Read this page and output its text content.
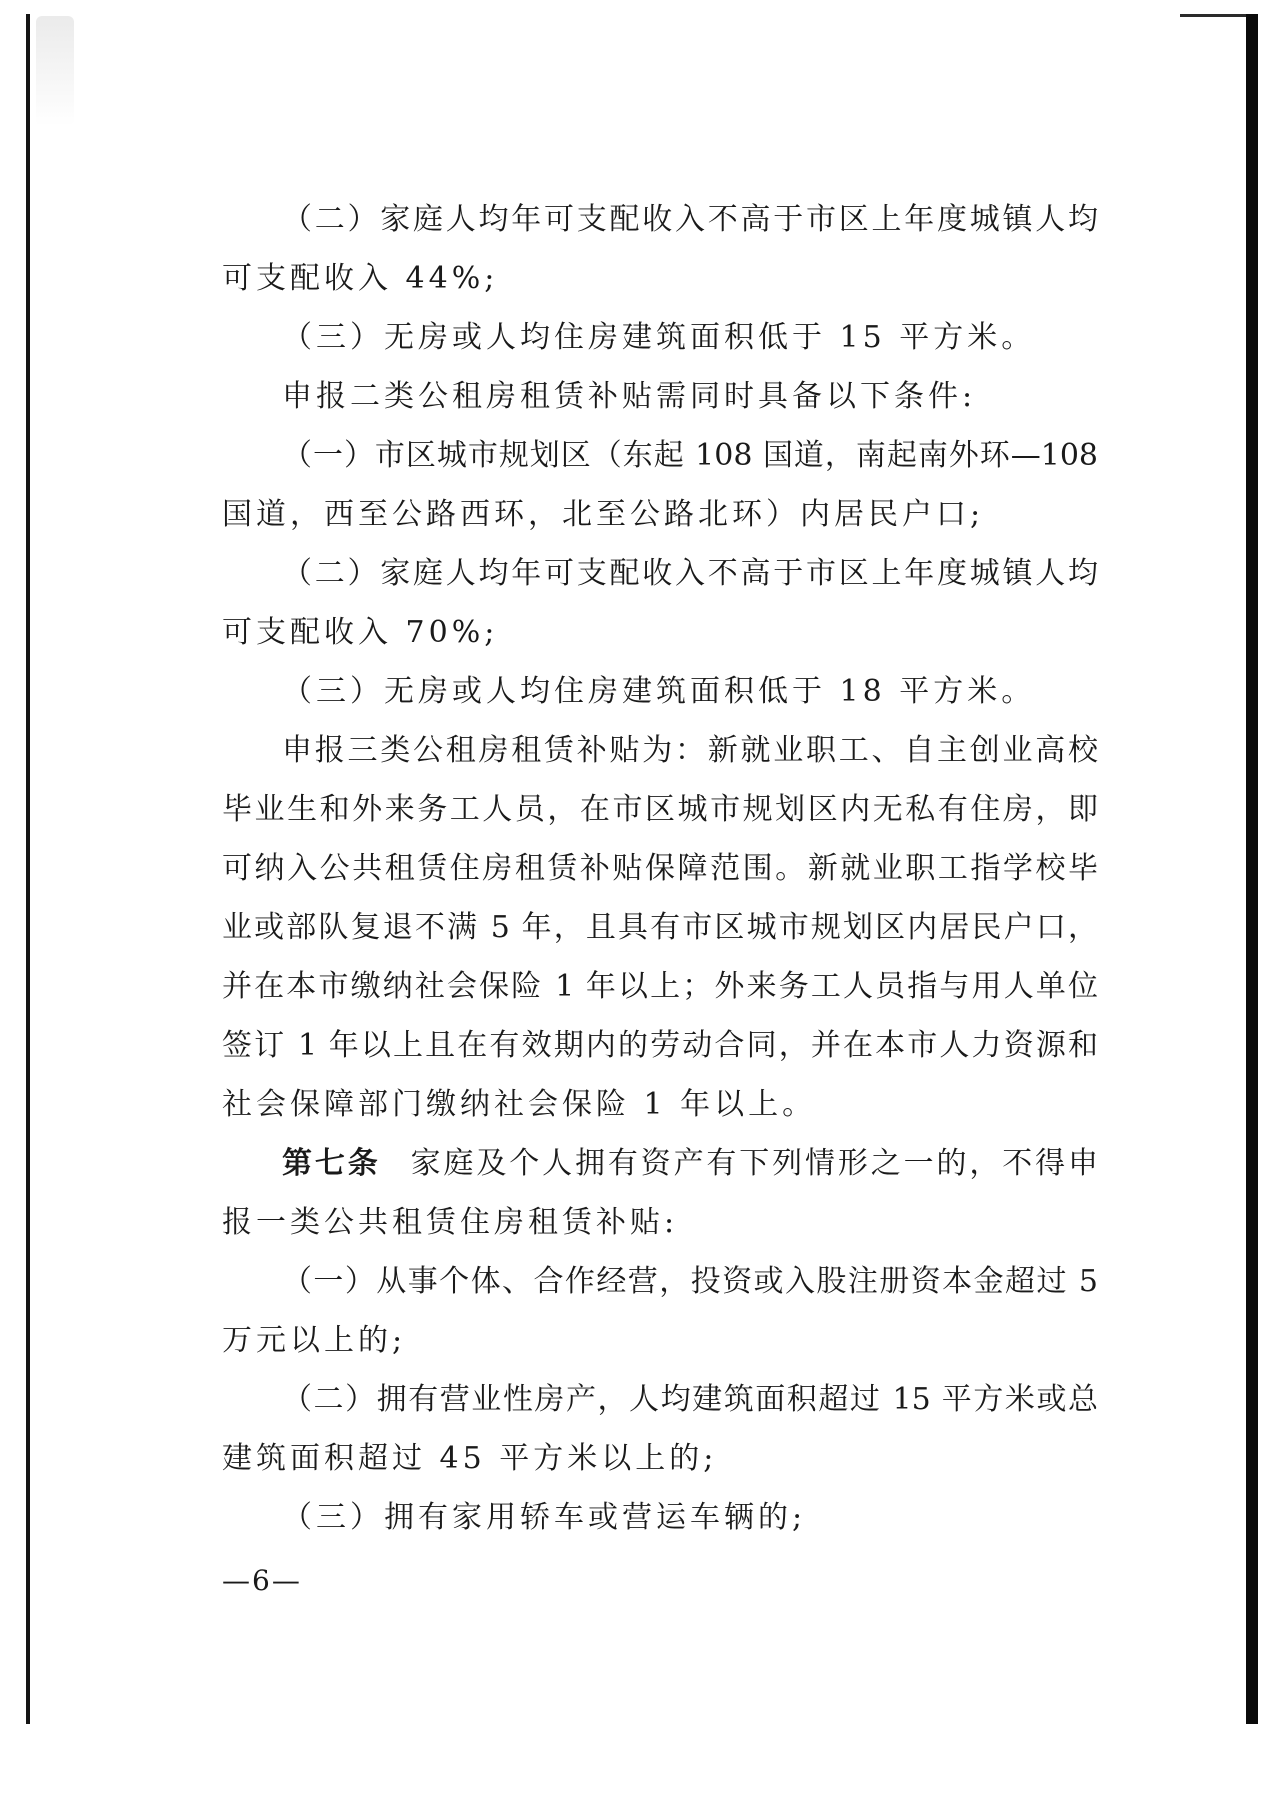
（二）家庭人均年可支配收入不高于市区上年度城镇人均
可支配收入 44%;
（三）无房或人均住房建筑面积低于 15 平方米。
申报二类公租房租赁补贴需同时具备以下条件:
（一）市区城市规划区（东起 108 国道，南起南外环—108
国道，西至公路西环，北至公路北环）内居民户口;
（二）家庭人均年可支配收入不高于市区上年度城镇人均
可支配收入 70%;
（三）无房或人均住房建筑面积低于 18 平方米。
申报三类公租房租赁补贴为：新就业职工、自主创业高校
毕业生和外来务工人员，在市区城市规划区内无私有住房，即
可纳入公共租赁住房租赁补贴保障范围。新就业职工指学校毕
业或部队复退不满 5 年，且具有市区城市规划区内居民户口，
并在本市缴纳社会保险 1 年以上；外来务工人员指与用人单位
签订 1 年以上且在有效期内的劳动合同，并在本市人力资源和
社会保障部门缴纳社会保险 1 年以上。
第七条 家庭及个人拥有资产有下列情形之一的，不得申
报一类公共租赁住房租赁补贴:
（一）从事个体、合作经营，投资或入股注册资本金超过 5
万元以上的;
（二）拥有营业性房产，人均建筑面积超过 15 平方米或总
建筑面积超过 45 平方米以上的;
（三）拥有家用轿车或营运车辆的;
—6—
